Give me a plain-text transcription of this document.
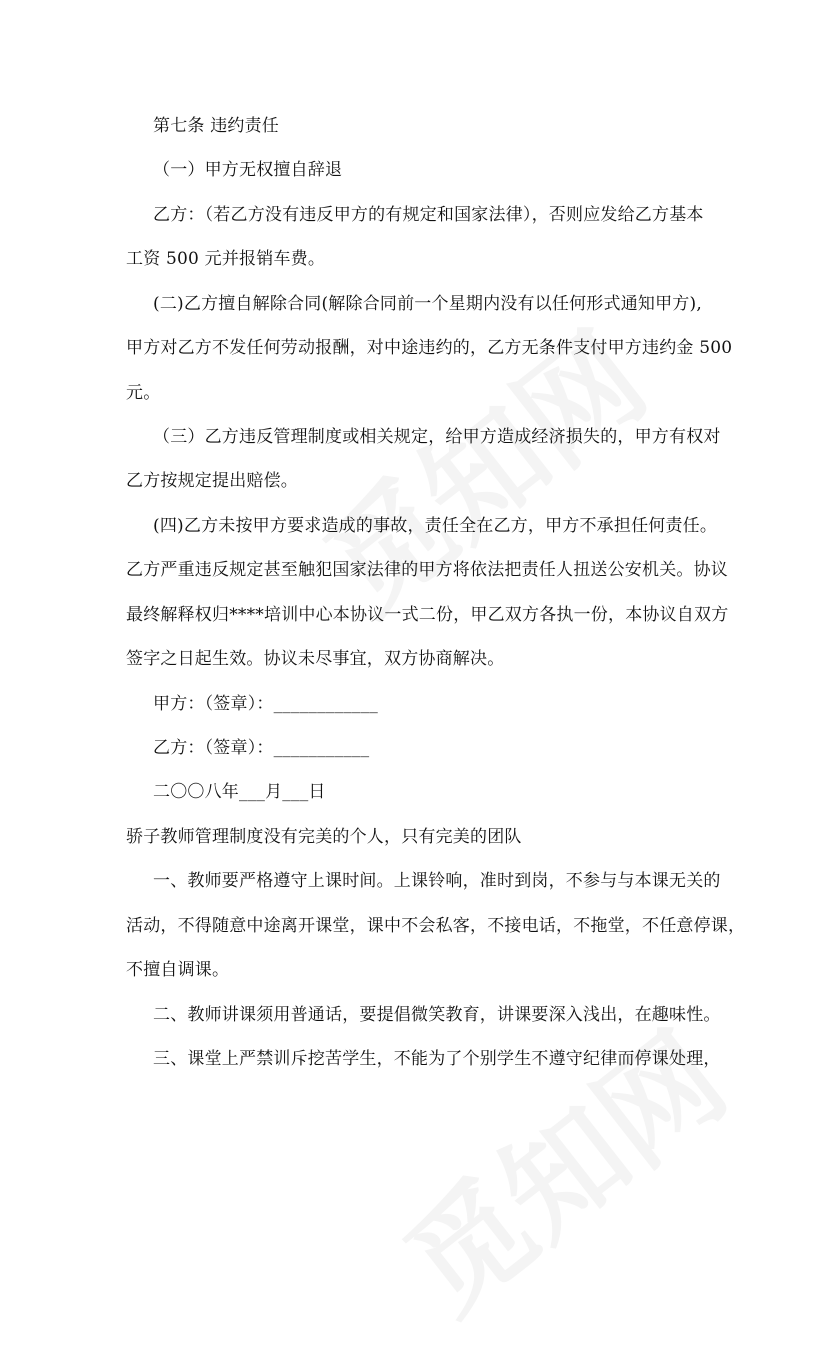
第七条 违约责任
（一）甲方无权擅自辞退
乙方：（若乙方没有违反甲方的有规定和国家法律），否则应发给乙方基本
工资 500 元并报销车费。
(二)乙方擅自解除合同(解除合同前一个星期内没有以任何形式通知甲方),
甲方对乙方不发任何劳动报酬，对中途违约的，乙方无条件支付甲方违约金 500
元。
（三）乙方违反管理制度或相关规定，给甲方造成经济损失的，甲方有权对
乙方按规定提出赔偿。
(四)乙方未按甲方要求造成的事故，责任全在乙方，甲方不承担任何责任。
乙方严重违反规定甚至触犯国家法律的甲方将依法把责任人扭送公安机关。协议
最终解释权归****培训中心本协议一式二份，甲乙双方各执一份，本协议自双方
签字之日起生效。协议未尽事宜，双方协商解决。
甲方：（签章）：____________
乙方：（签章）：___________
二〇〇八年___月___日
骄子教师管理制度没有完美的个人，只有完美的团队
一、教师要严格遵守上课时间。上课铃响，准时到岗，不参与与本课无关的
活动，不得随意中途离开课堂，课中不会私客，不接电话，不拖堂，不任意停课，
不擅自调课。
二、教师讲课须用普通话，要提倡微笑教育，讲课要深入浅出，在趣味性。
三、课堂上严禁训斥挖苦学生，不能为了个别学生不遵守纪律而停课处理，
